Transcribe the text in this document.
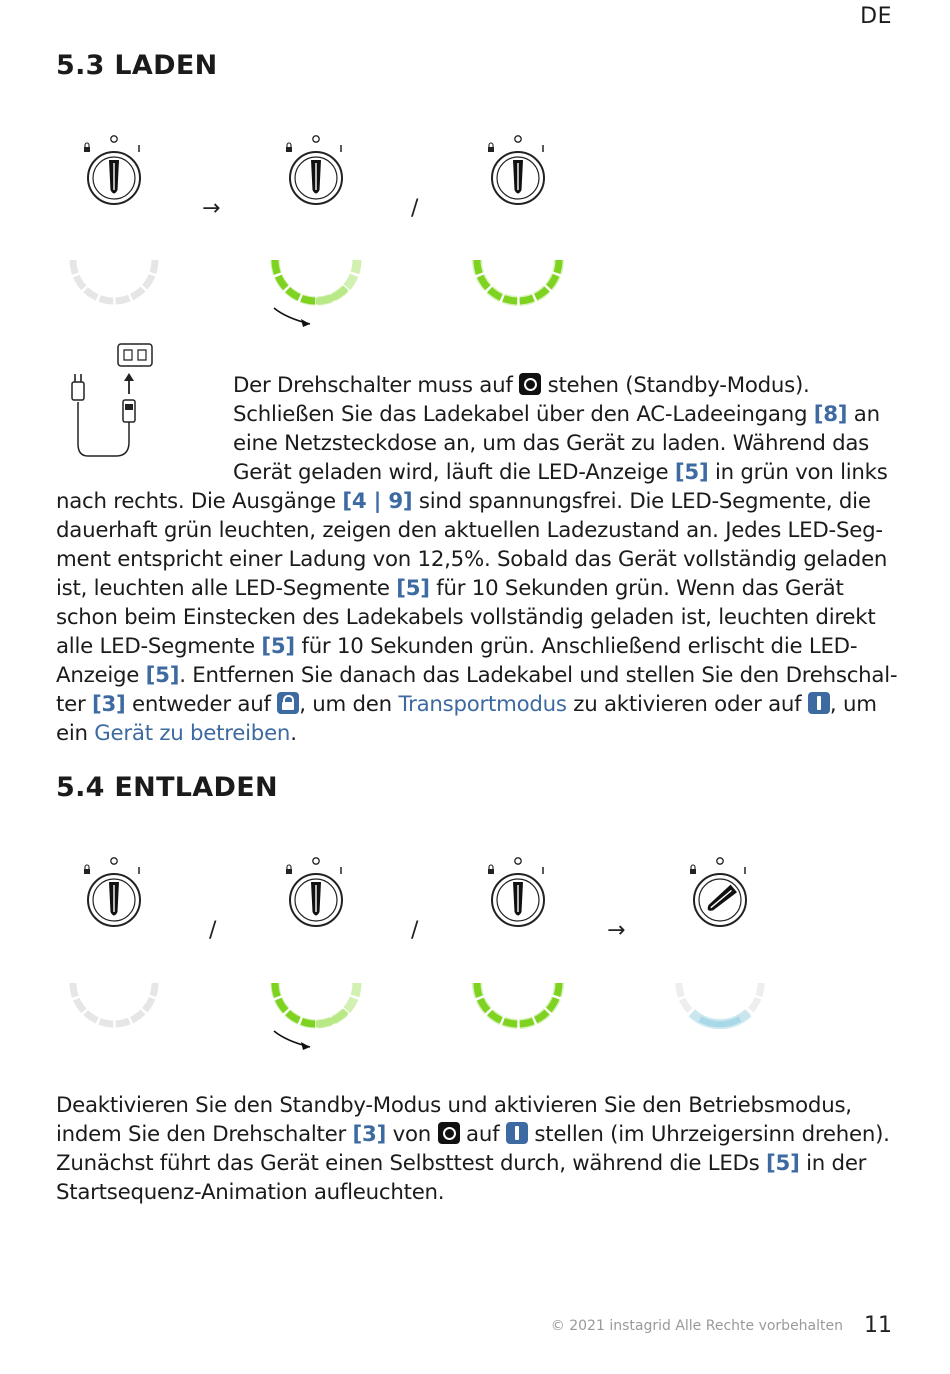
DE
5.3 LADEN
→	/

Der Drehschalter muss auf  stehen (Standby-Modus).

Schließen Sie das Ladekabel über den AC-Ladeeingang [8] an

eine Netzsteckdose an, um das Gerät zu laden. Während das

Gerät geladen wird, läuft die LED-Anzeige [5] in grün von links

nach rechts. Die Ausgänge [4 | 9] sind spannungsfrei. Die LED-Segmente, die

dauerhaft grün leuchten, zeigen den aktuellen Ladezustand an. Jedes LED-Seg-

ment entspricht einer Ladung von 12,5%. Sobald das Gerät vollständig geladen

ist, leuchten alle LED-Segmente [5] für 10 Sekunden grün. Wenn das Gerät

schon beim Einstecken des Ladekabels vollständig geladen ist, leuchten direkt

alle LED-Segmente [5] für 10 Sekunden grün. Anschließend erlischt die LED-

Anzeige [5]. Entfernen Sie danach das Ladekabel und stellen Sie den Drehschal-

ter [3] entweder auf , um den Transportmodus zu aktivieren oder auf , um

ein Gerät zu betreiben.

5.4 ENTLADEN
/	/	→

Deaktivieren Sie den Standby-Modus und aktivieren Sie den Betriebsmodus,

indem Sie den Drehschalter [3] von  auf  stellen (im Uhrzeigersinn drehen).

Zunächst führt das Gerät einen Selbsttest durch, während die LEDs [5] in der

Startsequenz-Animation aufleuchten.

© 2021 instagrid Alle Rechte vorbehalten 11
